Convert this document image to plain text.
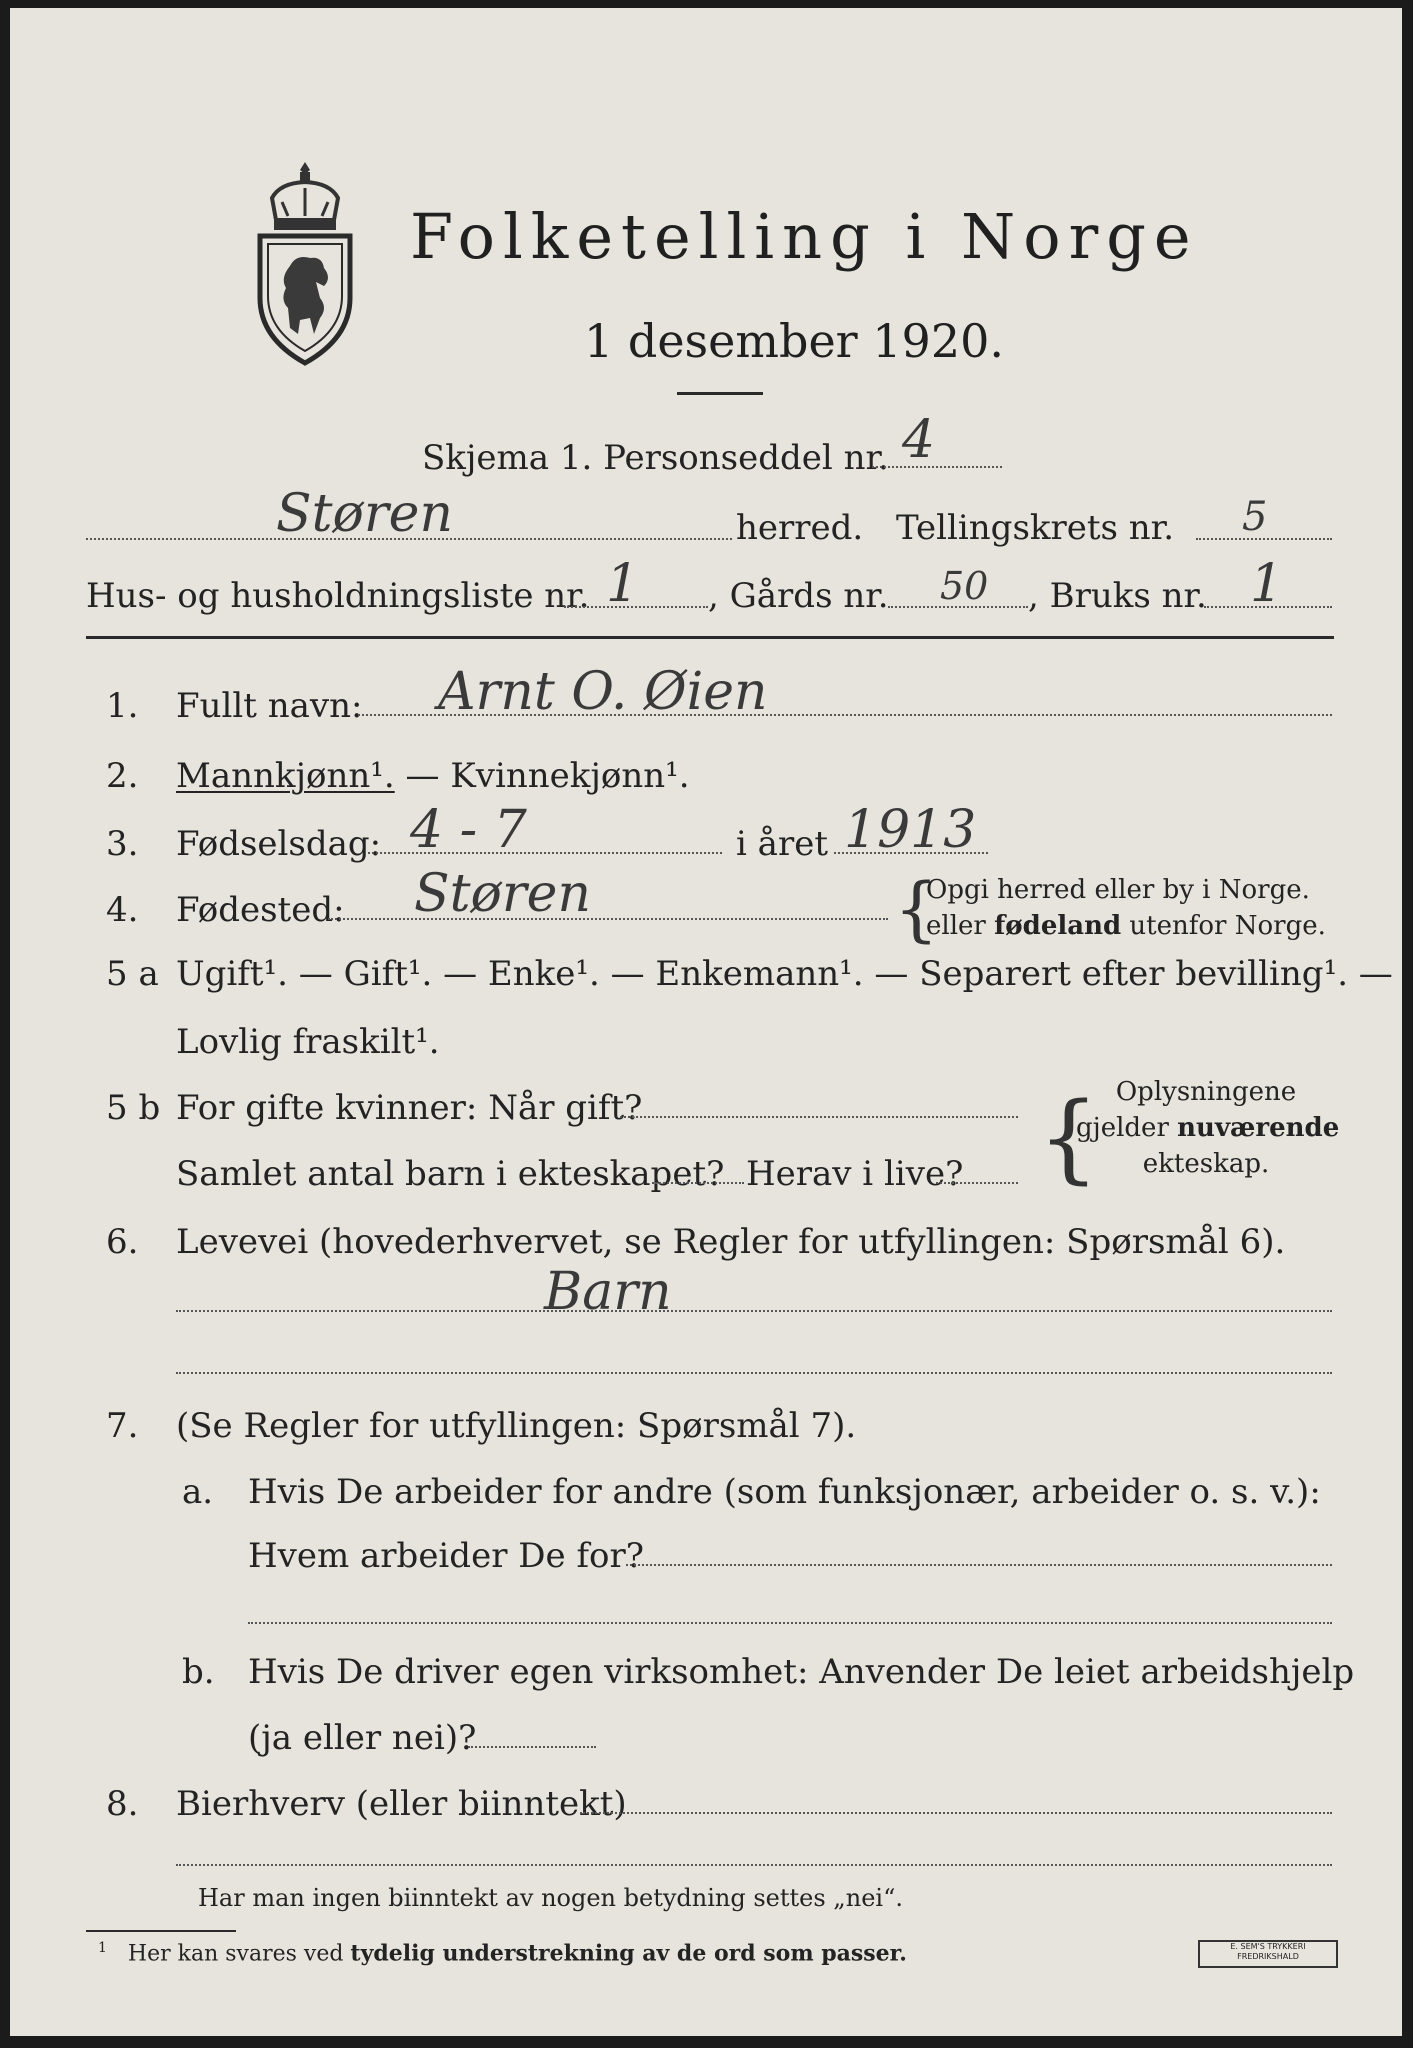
Folketelling i Norge
1 desember 1920.
Skjema 1. Personseddel nr. 4
Støren	herred. Tellingskrets nr. 5
Hus- og husholdningsliste nr. 1 , Gårds nr. 50 , Bruks nr. 1
1. Fullt navn: Arnt O. Øien
2. Mannkjønn¹. — Kvinnekjønn¹.
3. Fødselsdag: 4 - 7	i året 1913
4. Fødested: Støren	{
Opgi herred eller by i Norge.
eller fødeland utenfor Norge.
5 a Ugift¹. — Gift¹. — Enke¹. — Enkemann¹. — Separert efter bevilling¹. —
Lovlig fraskilt¹.
5 b For gifte kvinner: Når gift?
Samlet antal barn i ekteskapet? Herav i live? { Oplysningene
gjelder nuværende
ekteskap.
6. Levevei (hovederhvervet, se Regler for utfyllingen: Spørsmål 6).
Barn
7. (Se Regler for utfyllingen: Spørsmål 7).
a. Hvis De arbeider for andre (som funksjonær, arbeider o. s. v.):
Hvem arbeider De for?
b. Hvis De driver egen virksomhet: Anvender De leiet arbeidshjelp
(ja eller nei)?
8. Bierhverv (eller biinntekt)
Har man ingen biinntekt av nogen betydning settes „nei“.
$^1$ Her kan svares ved tydelig understrekning av de ord som passer.	E. SEM'S TRYKKERI
FREDRIKSHALD
